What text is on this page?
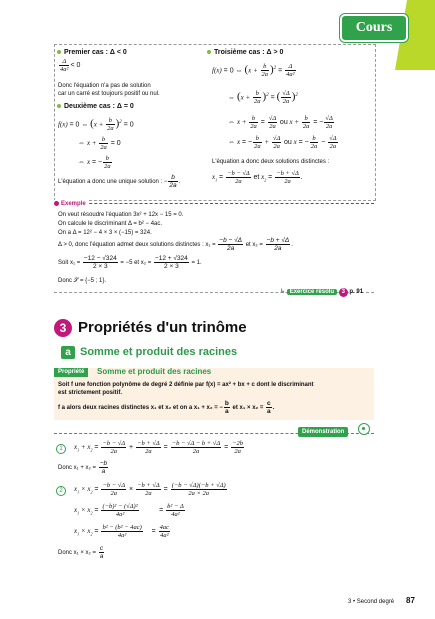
Cours
Premier cas : Δ < 0
$\frac{\Delta}{\text{4a²}} < 0$
Donc l'équation n'a pas de solution
car un carré est toujours positif ou nul.
Deuxième cas : Δ = 0
f(x) = 0 ⇔ $(x + \frac{b}{2a} )^2 = 0$
⇔ $x + \frac{b}{2a} = 0$
⇔ x = − $\frac{b}{2a}$
L'équation a donc une unique solution : − $\frac{b}{2a}$ .
Troisième cas : Δ > 0
f(x) = 0 ⇔ $(x + \frac{b}{2a} )^2 = \frac{\Delta}{\text{4a²}}$
⇔ $(x + \frac{b}{2a} )^2$ = ( $\frac{√\Delta}{2a} )^2$
⇔ $x + \frac{b}{2a} = \frac{√\Delta}{2a}$ ou $x + \frac{b}{2a}$ = − $\frac{√\Delta}{2a}$
⇔ x = − $\frac{b}{2a} + \frac{√\Delta}{2a}$ ou x = − $\frac{b}{2a} - \frac{√\Delta}{2a}$
L'équation a donc deux solutions distinctes :
$x_1 = \frac{-b - √\Delta}{2a}$ et $x_2 = \frac{-b + √\Delta}{2a}$ .
Exemple
On veut résoudre l'équation 3x² + 12x − 15 = 0.
On calcule le discriminant Δ = b² − 4ac.
On a Δ = 12² − 4 × 3 × (−15) = 324.
Δ > 0, donc l'équation admet deux solutions distinctes : $x_1 = \frac{-b - √\Delta}{2a}$ et $x_2 = \frac{-b + √\Delta}{2a}$ .
Soit $x_1 = \frac{-12 - √324}{2 \times 3} = -5$ et $x_2 = \frac{-12 + √324}{2 \times 3} = 1$.
Donc 𝒮 = {−5 ; 1}.
↳ Exercice résolu 3 p. 91
3 Propriétés d'un trinôme
a Somme et produit des racines
Propriété	Somme et produit des racines
Soit f une fonction polynôme de degré 2 définie par f(x) = ax² + bx + c dont le discriminant
est strictement positif.
f a alors deux racines distinctes x₁ et x₂ et on a x₁ + x₂ = − $\frac{b}{a}$ et $x_1 \times x_2 = \frac{c}{a}$ .
Démonstration
1	$x_1 + x_2 = \frac{-b - √\Delta}{2a} + \frac{-b + √\Delta}{2a} = \frac{-b - √\Delta - b + √\Delta}{2a} = \frac{-2b}{2a}$
Donc $x_1 + x_2 = \frac{-b}{a}$
2	$x_1 \times x_2 = \frac{-b - √\Delta}{2a} \times \frac{-b + √\Delta}{2a} = \frac{(-b - √\Delta)(-b + √\Delta)}{2a \times 2a}$
$x_1 \times x_2 = \frac{\text{(−b)² − (√Δ)²}}{\text{4a²}} = \frac{\text{b² − Δ}}{\text{4a²}}$
$x_1 \times x_2 = \frac{\text{b² − (b² − 4ac)}}{\text{4a²}} = \frac{4ac}{\text{4a²}}$
Donc $x_1 \times x_2 = \frac{c}{a}$
3 • Second degré 87
